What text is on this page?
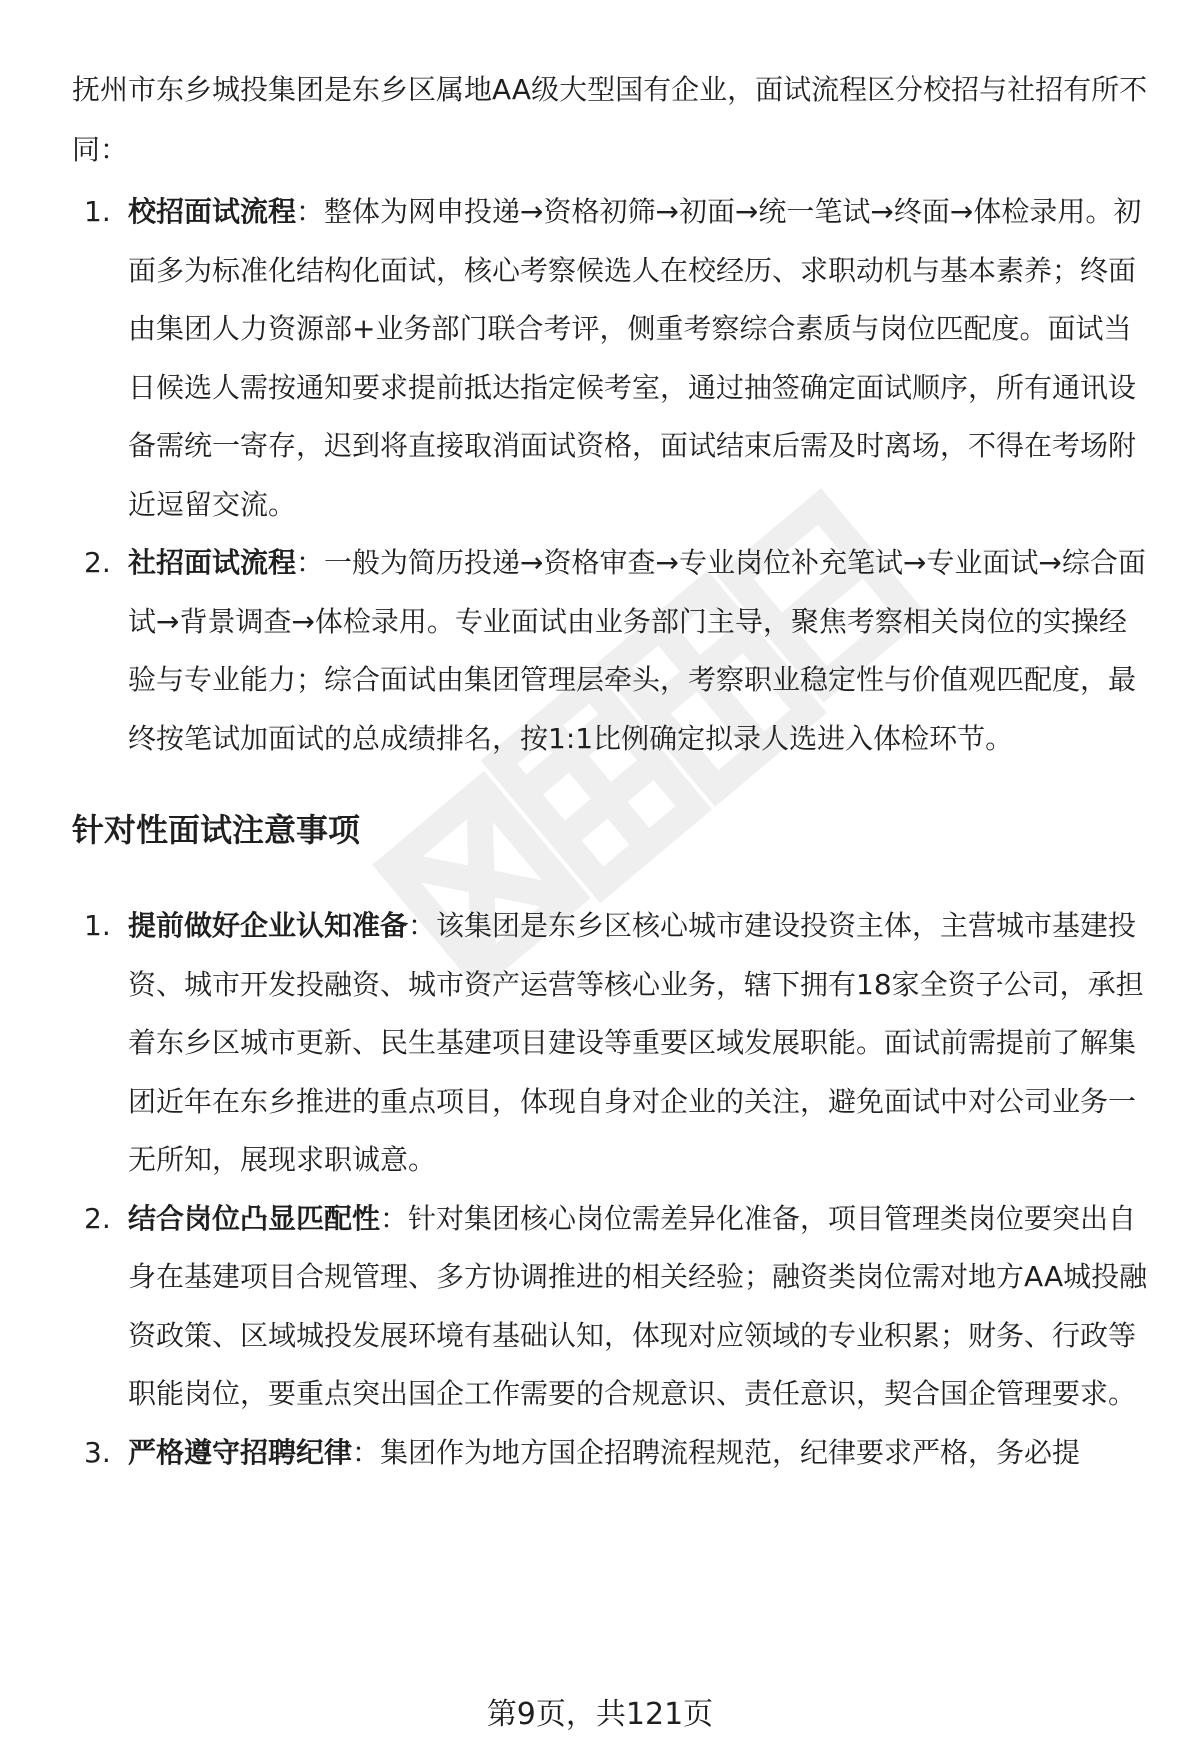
抚州市东乡城投集团是东乡区属地AA级大型国有企业，面试流程区分校招与社招有所不同：

1. 校招面试流程：整体为网申投递→资格初筛→初面→统一笔试→终面→体检录用。初面多为标准化结构化面试，核心考察候选人在校经历、求职动机与基本素养；终面由集团人力资源部+业务部门联合考评，侧重考察综合素质与岗位匹配度。面试当日候选人需按通知要求提前抵达指定候考室，通过抽签确定面试顺序，所有通讯设备需统一寄存，迟到将直接取消面试资格，面试结束后需及时离场，不得在考场附近逗留交流。
2. 社招面试流程：一般为简历投递→资格审查→专业岗位补充笔试→专业面试→综合面试→背景调查→体检录用。专业面试由业务部门主导，聚焦考察相关岗位的实操经验与专业能力；综合面试由集团管理层牵头，考察职业稳定性与价值观匹配度，最终按笔试加面试的总成绩排名，按1:1比例确定拟录人选进入体检环节。
针对性面试注意事项
1. 提前做好企业认知准备：该集团是东乡区核心城市建设投资主体，主营城市基建投资、城市开发投融资、城市资产运营等核心业务，辖下拥有18家全资子公司，承担着东乡区城市更新、民生基建项目建设等重要区域发展职能。面试前需提前了解集团近年在东乡推进的重点项目，体现自身对企业的关注，避免面试中对公司业务一无所知，展现求职诚意。
2. 结合岗位凸显匹配性：针对集团核心岗位需差异化准备，项目管理类岗位要突出自身在基建项目合规管理、多方协调推进的相关经验；融资类岗位需对地方AA城投融资政策、区域城投发展环境有基础认知，体现对应领域的专业积累；财务、行政等职能岗位，要重点突出国企工作需要的合规意识、责任意识，契合国企管理要求。
3. 严格遵守招聘纪律：集团作为地方国企招聘流程规范，纪律要求严格，务必提
第9页，共121页
